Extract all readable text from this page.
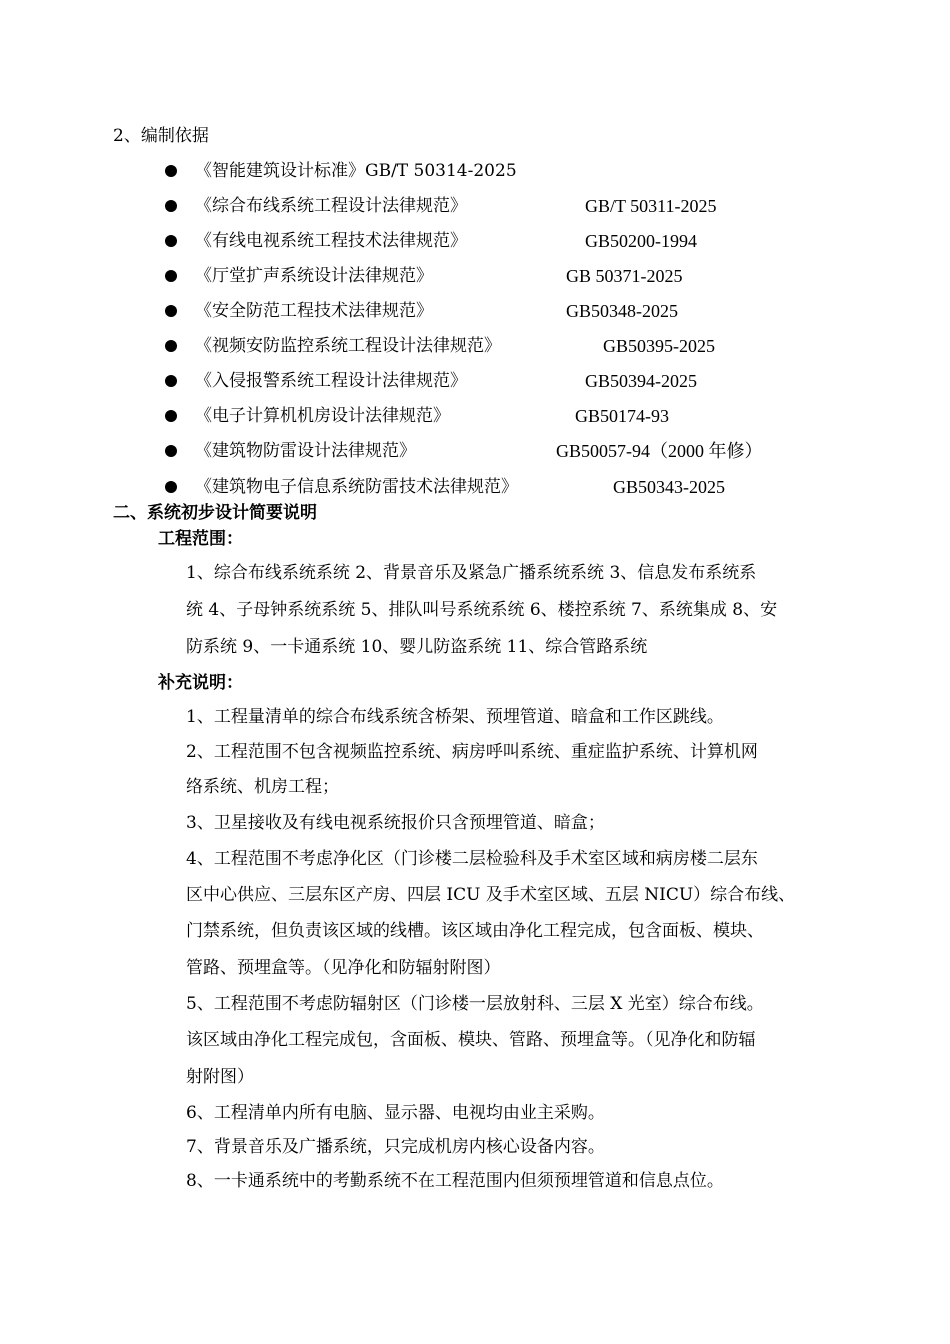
2、编制依据
《智能建筑设计标准》GB/T 50314-2025
《综合布线系统工程设计法律规范》	GB/T 50311-2025
《有线电视系统工程技术法律规范》	GB50200-1994
《厅堂扩声系统设计法律规范》	GB 50371-2025
《安全防范工程技术法律规范》	GB50348-2025
《视频安防监控系统工程设计法律规范》	GB50395-2025
《入侵报警系统工程设计法律规范》	GB50394-2025
《电子计算机机房设计法律规范》	GB50174-93
《建筑物防雷设计法律规范》	GB50057-94（2000 年修）
《建筑物电子信息系统防雷技术法律规范》	GB50343-2025
二、系统初步设计简要说明
工程范围：
1、综合布线系统系统 2、背景音乐及紧急广播系统系统 3、信息发布系统系
统 4、子母钟系统系统 5、排队叫号系统系统 6、楼控系统 7、系统集成 8、安
防系统 9、一卡通系统 10、婴儿防盗系统 11、综合管路系统
补充说明：
1、工程量清单的综合布线系统含桥架、预埋管道、暗盒和工作区跳线。
2、工程范围不包含视频监控系统、病房呼叫系统、重症监护系统、计算机网
络系统、机房工程；
3、卫星接收及有线电视系统报价只含预埋管道、暗盒；
4、工程范围不考虑净化区（门诊楼二层检验科及手术室区域和病房楼二层东
区中心供应、三层东区产房、四层 ICU 及手术室区域、五层 NICU）综合布线、
门禁系统，但负责该区域的线槽。该区域由净化工程完成，包含面板、模块、
管路、预埋盒等。（见净化和防辐射附图）
5、工程范围不考虑防辐射区（门诊楼一层放射科、三层 X 光室）综合布线。
该区域由净化工程完成包，含面板、模块、管路、预埋盒等。（见净化和防辐
射附图）
6、工程清单内所有电脑、显示器、电视均由业主采购。
7、背景音乐及广播系统，只完成机房内核心设备内容。
8、一卡通系统中的考勤系统不在工程范围内但须预埋管道和信息点位。
